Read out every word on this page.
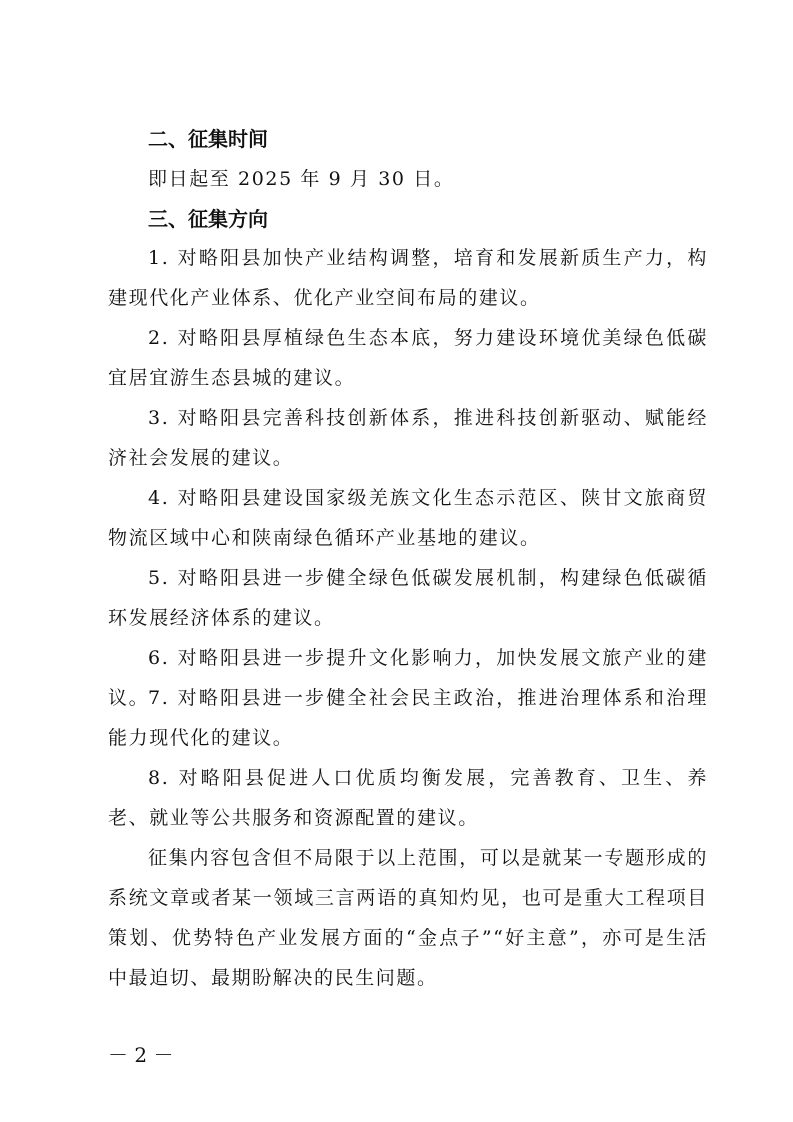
二、征集时间
即日起至 2025 年 9 月 30 日。
三、征集方向
1. 对略阳县加快产业结构调整，培育和发展新质生产力，构建现代化产业体系、优化产业空间布局的建议。
2. 对略阳县厚植绿色生态本底，努力建设环境优美绿色低碳宜居宜游生态县城的建议。
3. 对略阳县完善科技创新体系，推进科技创新驱动、赋能经济社会发展的建议。
4. 对略阳县建设国家级羌族文化生态示范区、陕甘文旅商贸物流区域中心和陕南绿色循环产业基地的建议。
5. 对略阳县进一步健全绿色低碳发展机制，构建绿色低碳循环发展经济体系的建议。
6. 对略阳县进一步提升文化影响力，加快发展文旅产业的建议。
7. 对略阳县进一步健全社会民主政治，推进治理体系和治理能力现代化的建议。
8. 对略阳县促进人口优质均衡发展，完善教育、卫生、养老、就业等公共服务和资源配置的建议。
征集内容包含但不局限于以上范围，可以是就某一专题形成的系统文章或者某一领域三言两语的真知灼见，也可是重大工程项目策划、优势特色产业发展方面的“金点子”“好主意”，亦可是生活中最迫切、最期盼解决的民生问题。
－ 2 －
